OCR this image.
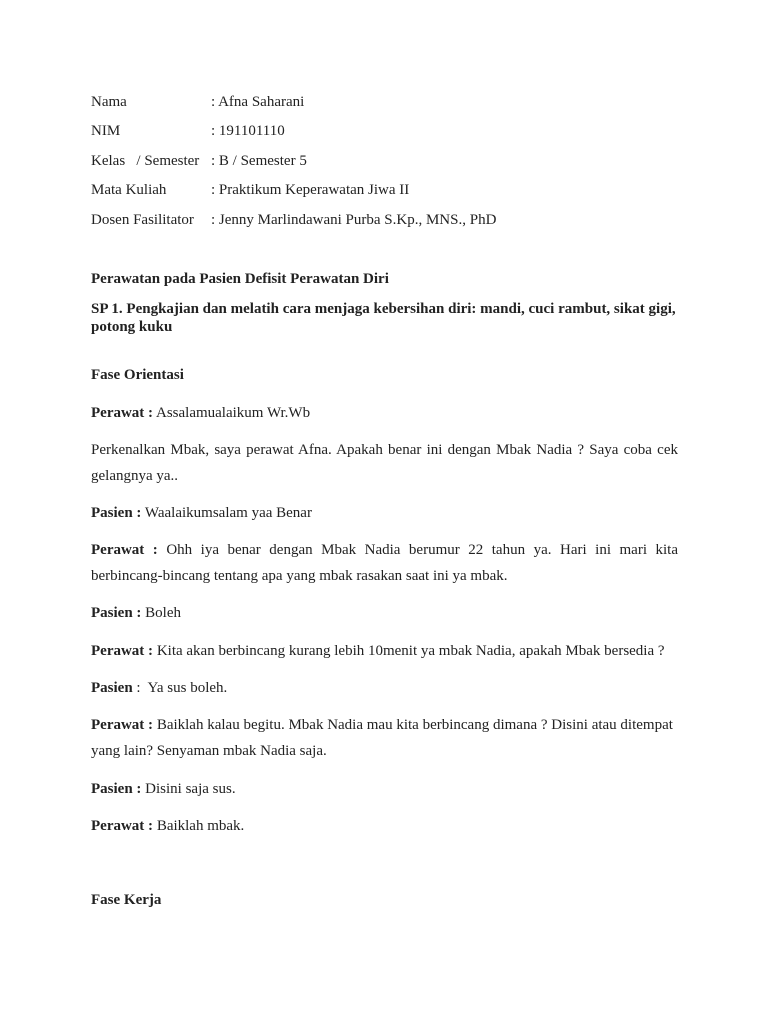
Nama	: Afna Saharani
NIM	: 191101110
Kelas   / Semester : B / Semester 5
Mata Kuliah	: Praktikum Keperawatan Jiwa II
Dosen Fasilitator : Jenny Marlindawani Purba S.Kp., MNS., PhD
Perawatan pada Pasien Defisit Perawatan Diri
SP 1. Pengkajian dan melatih cara menjaga kebersihan diri: mandi, cuci rambut, sikat gigi, potong kuku
Fase Orientasi
Perawat : Assalamualaikum Wr.Wb
Perkenalkan Mbak, saya perawat Afna. Apakah benar ini dengan Mbak Nadia ? Saya coba cek gelangnya ya..
Pasien : Waalaikumsalam yaa Benar
Perawat : Ohh iya benar dengan Mbak Nadia berumur 22 tahun ya. Hari ini mari kita berbincang-bincang tentang apa yang mbak rasakan saat ini ya mbak.
Pasien : Boleh
Perawat : Kita akan berbincang kurang lebih 10menit ya mbak Nadia, apakah Mbak bersedia ?
Pasien :  Ya sus boleh.
Perawat : Baiklah kalau begitu. Mbak Nadia mau kita berbincang dimana ? Disini atau ditempat yang lain? Senyaman mbak Nadia saja.
Pasien : Disini saja sus.
Perawat : Baiklah mbak.
Fase Kerja
